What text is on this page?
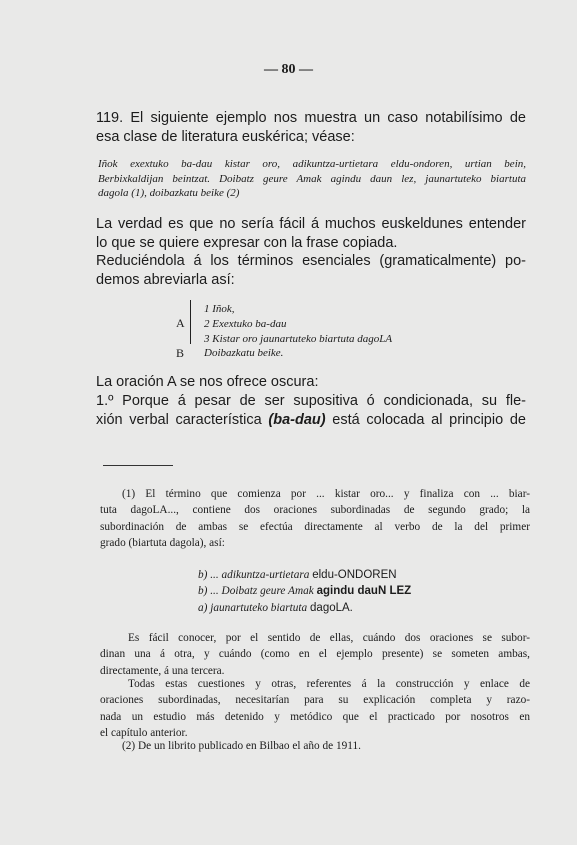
— 80 —

119. El siguiente ejemplo nos muestra un caso notabilísimo de

esa clase de literatura euskérica; véase:

Iñok exextuko ba-dau kistar oro, adikuntza-urtietara eldu-ondoren, urtian bein,

Berbixkaldijan beintzat. Doibatz geure Amak agindu daun lez, jaunartuteko biartuta

dagola (1), doibazkatu beike (2)

La verdad es que no sería fácil á muchos euskeldunes entender

lo que se quiere expresar con la frase copiada.

Reduciéndola á los términos esenciales (gramaticalmente) po-

demos abreviarla así:

A
B
1 Iñok,
2 Exextuko ba-dau
3 Kistar oro jaunartuteko biartuta dagoLA
Doibazkatu beike.
La oración A se nos ofrece oscura:

1.º Porque á pesar de ser supositiva ó condicionada, su fle-

xión verbal característica (ba-dau) está colocada al principio de

(1) El término que comienza por ... kistar oro... y finaliza con ... biar-

tuta dagoLA..., contiene dos oraciones subordinadas de segundo grado; la

subordinación de ambas se efectúa directamente al verbo de la del primer

grado (biartuta dagola), así:

b) ... adikuntza-urtietara eldu-ONDOREN

b) ... Doibatz geure Amak agindu dauN LEZ

a) jaunartuteko biartuta dagoLA.

Es fácil conocer, por el sentido de ellas, cuándo dos oraciones se subor-

dinan una á otra, y cuándo (como en el ejemplo presente) se someten ambas,

directamente, á una tercera.

Todas estas cuestiones y otras, referentes á la construcción y enlace de

oraciones subordinadas, necesitarían para su explicación completa y razo-

nada un estudio más detenido y metódico que el practicado por nosotros en

el capítulo anterior.

(2) De un librito publicado en Bilbao el año de 1911.
